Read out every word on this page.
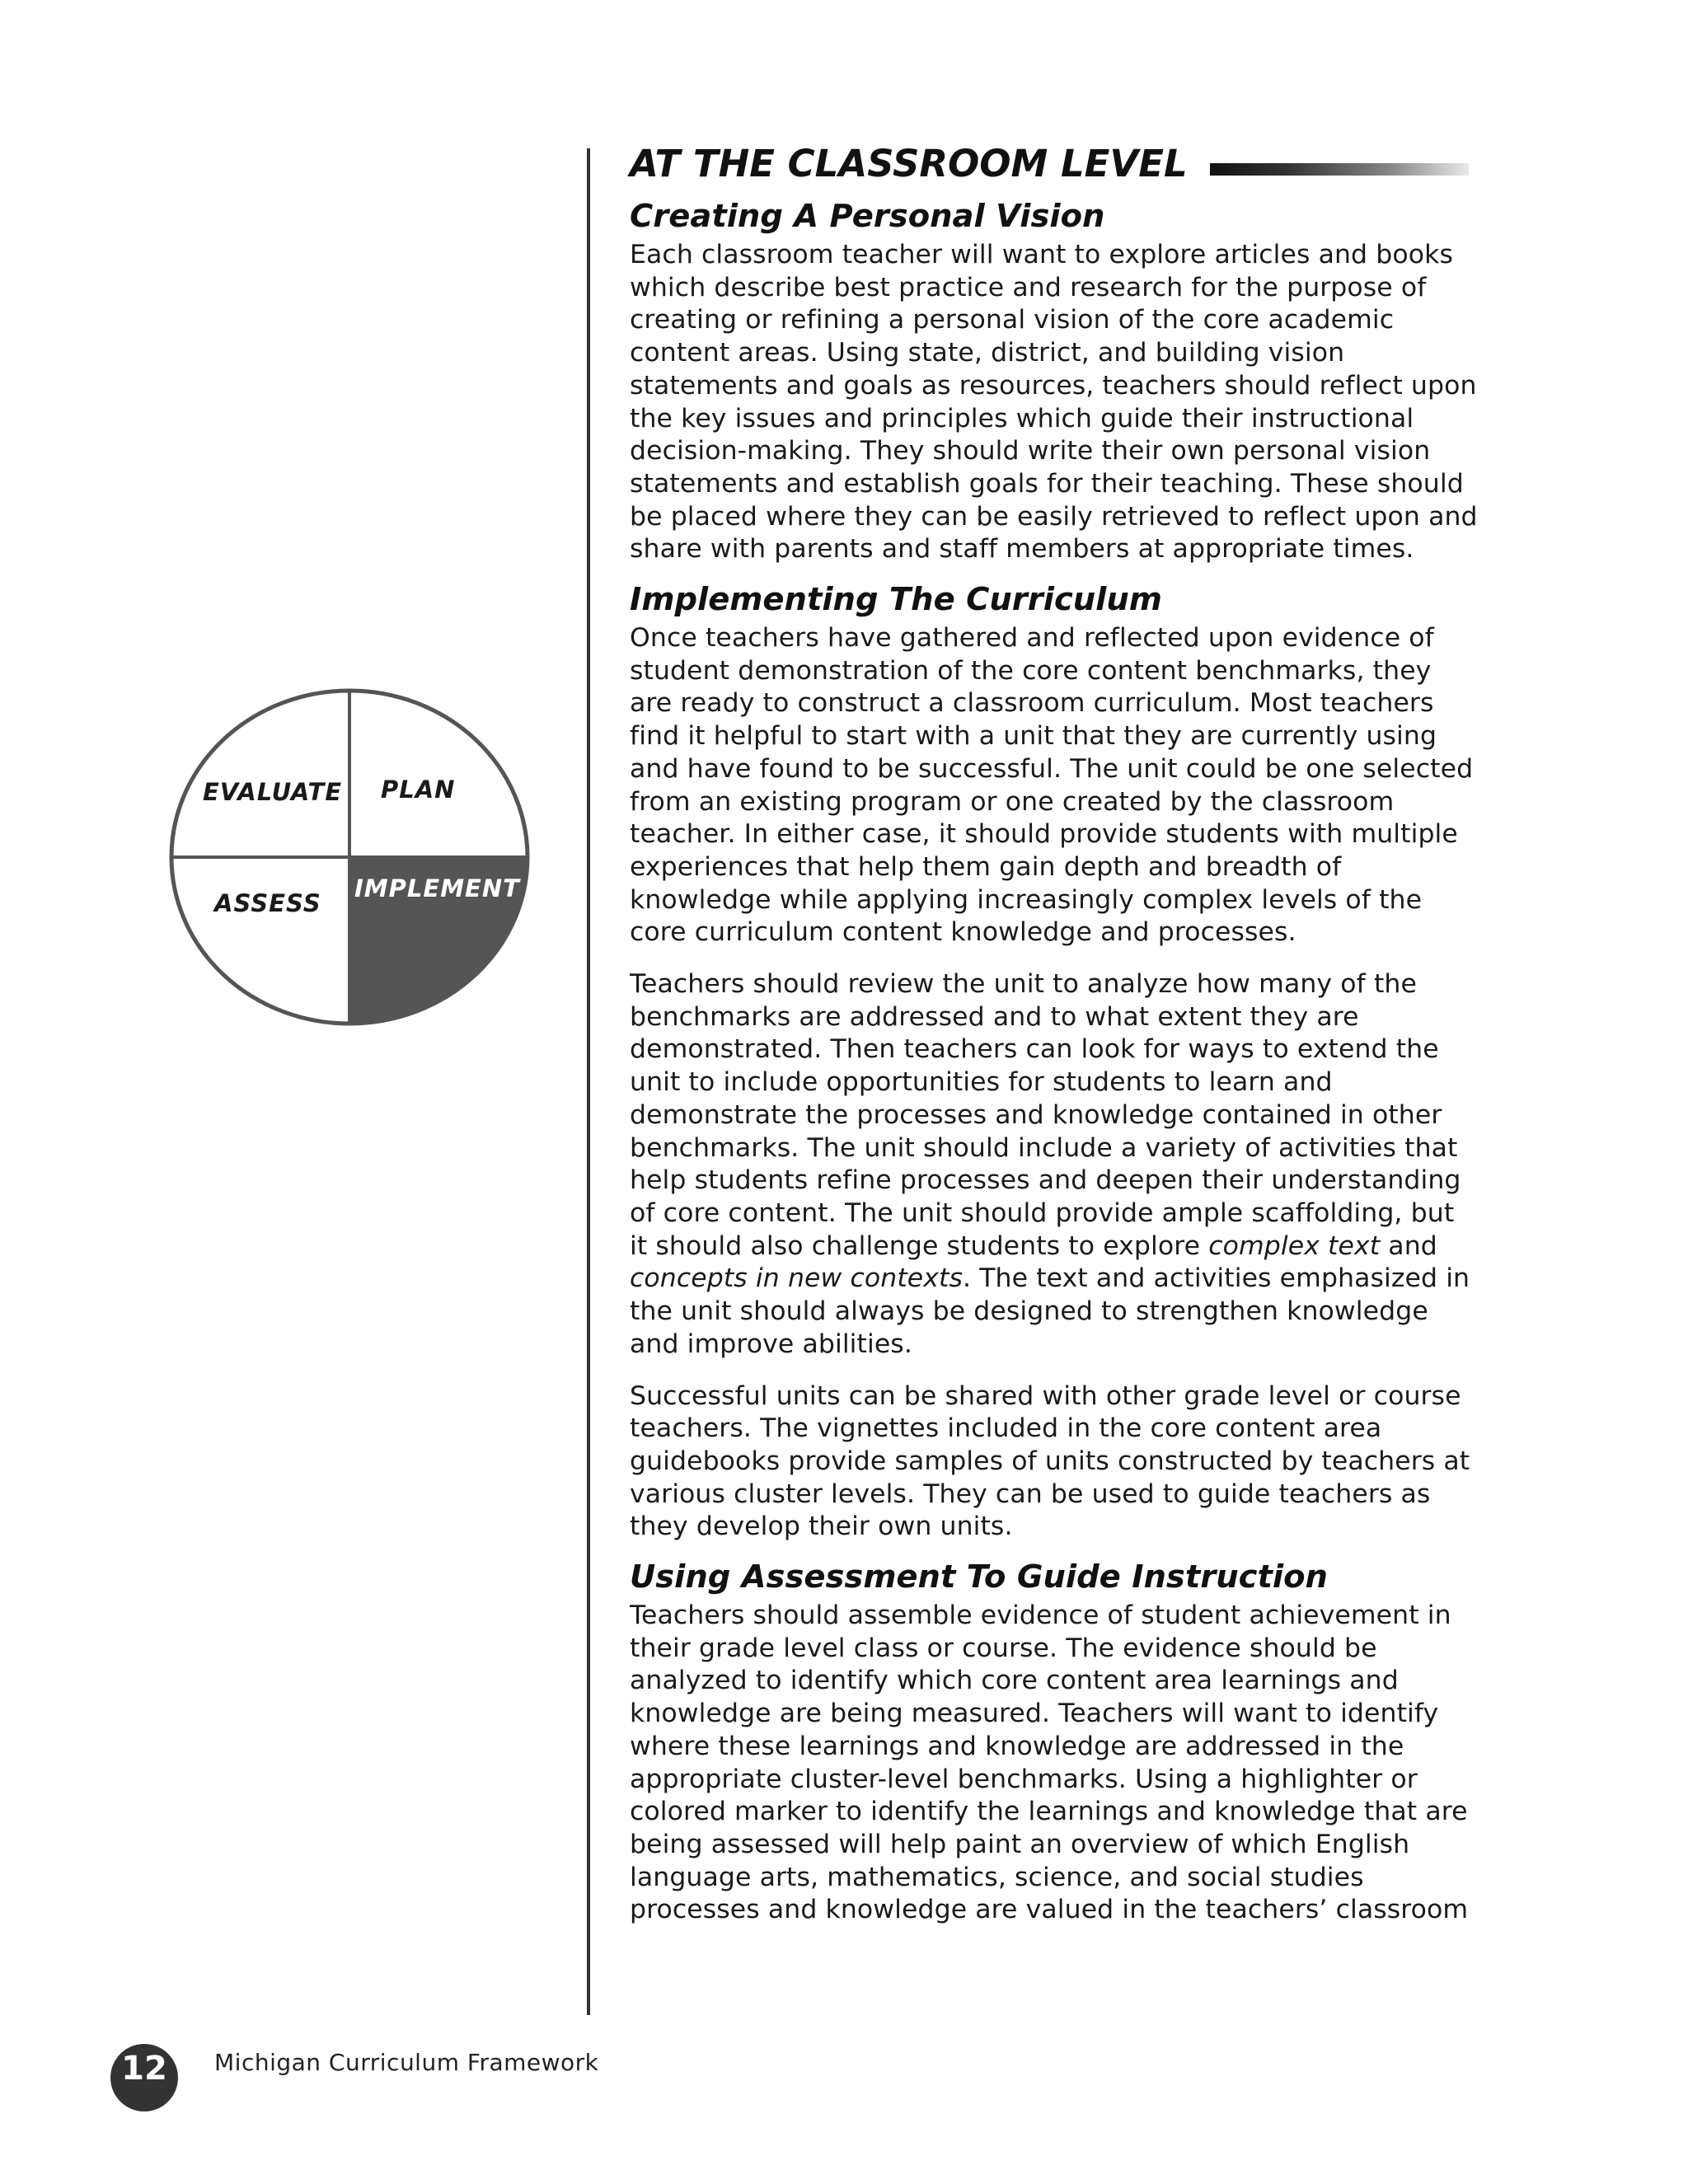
AT THE CLASSROOM LEVEL
Creating A Personal Vision

Each classroom teacher will want to explore articles and books which describe best practice and research for the purpose of creating or refining a personal vision of the core academic content areas. Using state, district, and building vision statements and goals as resources, teachers should reflect upon the key issues and principles which guide their instructional decision-making. They should write their own personal vision statements and establish goals for their teaching. These should be placed where they can be easily retrieved to reflect upon and share with parents and staff members at appropriate times.

Implementing The Curriculum

Once teachers have gathered and reflected upon evidence of student demonstration of the core content benchmarks, they are ready to construct a classroom curriculum. Most teachers find it helpful to start with a unit that they are currently using and have found to be successful. The unit could be one selected from an existing program or one created by the classroom teacher. In either case, it should provide students with multiple experiences that help them gain depth and breadth of knowledge while applying increasingly complex levels of the core curriculum content knowledge and processes.

Teachers should review the unit to analyze how many of the benchmarks are addressed and to what extent they are demonstrated. Then teachers can look for ways to extend the unit to include opportunities for students to learn and demonstrate the processes and knowledge contained in other benchmarks. The unit should include a variety of activities that help students refine processes and deepen their understanding of core content. The unit should provide ample scaffolding, but it should also challenge students to explore complex text and concepts in new contexts. The text and activities emphasized in the unit should always be designed to strengthen knowledge and improve abilities.

Successful units can be shared with other grade level or course teachers. The vignettes included in the core content area guidebooks provide samples of units constructed by teachers at various cluster levels. They can be used to guide teachers as they develop their own units.

Using Assessment To Guide Instruction

Teachers should assemble evidence of student achievement in their grade level class or course. The evidence should be analyzed to identify which core content area learnings and knowledge are being measured. Teachers will want to identify where these learnings and knowledge are addressed in the appropriate cluster-level benchmarks. Using a highlighter or colored marker to identify the learnings and knowledge that are being assessed will help paint an overview of which English language arts, mathematics, science, and social studies processes and knowledge are valued in the teachers’ classroom

EVALUATE PLAN
ASSESS
IMPLEMENT
12	Michigan Curriculum Framework
